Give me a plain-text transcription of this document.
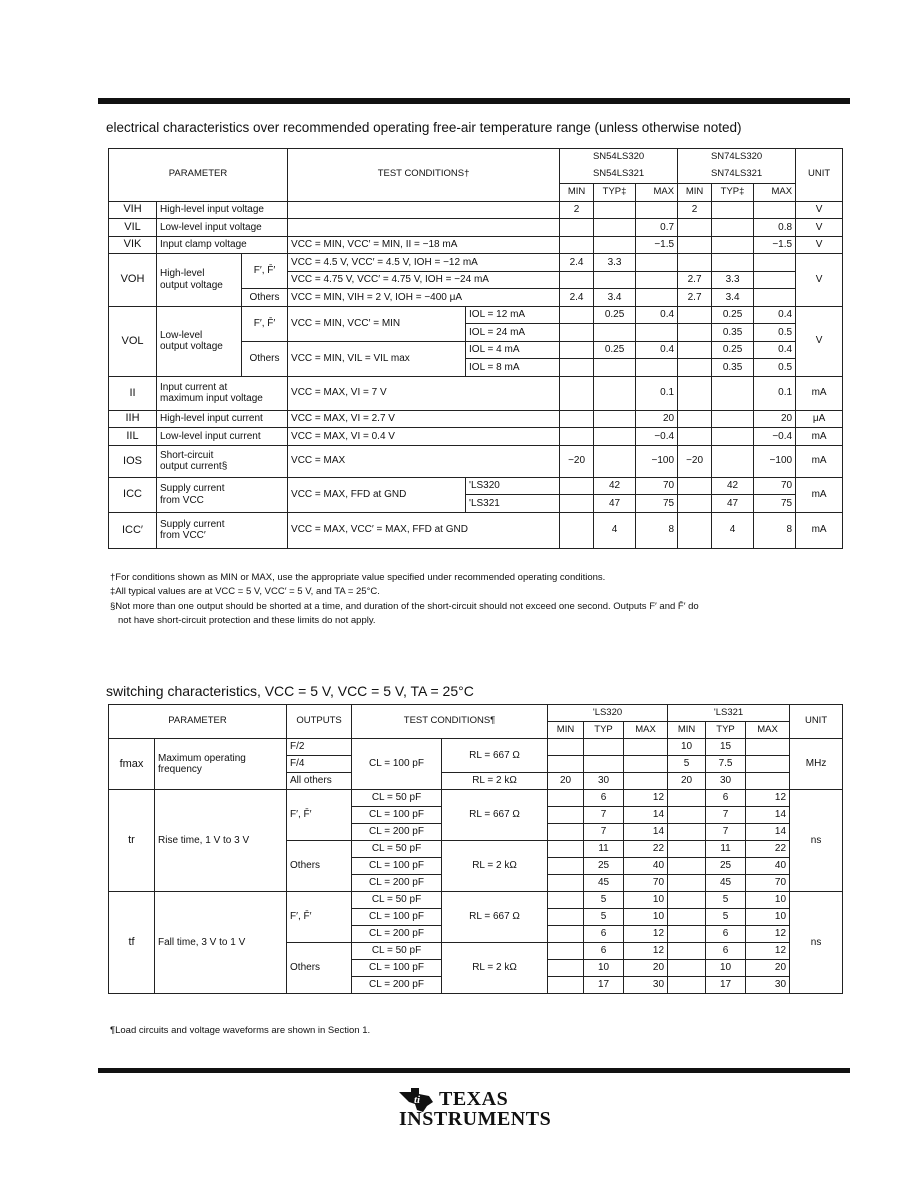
electrical characteristics over recommended operating free-air temperature range (unless otherwise noted)
PARAMETER			TEST CONDITIONS†		SN54LS320			SN74LS320			UNIT
					SN54LS321			SN74LS321			
					MIN	TYP‡	MAX	MIN	TYP‡	MAX	
VIH	High-level input voltage				2			2			V
VIL	Low-level input voltage						0.7			0.8	V
VIK	Input clamp voltage		VCC = MIN, VCC′ = MIN, II = −18 mA				−1.5			−1.5	V
VOH	High-level
output voltage	F′, F̄′	VCC = 4.5 V, VCC′ = 4.5 V, IOH = −12 mA		2.4	3.3					V
			VCC = 4.75 V, VCC′ = 4.75 V, IOH = −24 mA					2.7	3.3		
		Others	VCC = MIN, VIH = 2 V, IOH = −400 μA		2.4	3.4		2.7	3.4		
VOL	Low-level
output voltage	F′, F̄′	VCC = MIN, VCC′ = MIN	IOL = 12 mA		0.25	0.4		0.25	0.4	V
				IOL = 24 mA					0.35	0.5	
		Others	VCC = MIN, VIL = VIL max	IOL = 4 mA		0.25	0.4		0.25	0.4	
				IOL = 8 mA					0.35	0.5	
II	Input current at
maximum input voltage		VCC = MAX, VI = 7 V				0.1			0.1	mA
IIH	High-level input current		VCC = MAX, VI = 2.7 V				20			20	μA
IIL	Low-level input current		VCC = MAX, VI = 0.4 V				−0.4			−0.4	mA
IOS	Short-circuit
output current§		VCC = MAX		−20		−100	−20		−100	mA
ICC	Supply current
from VCC		VCC = MAX, FFD at GND	'LS320		42	70		42	70	mA
				'LS321		47	75		47	75	
ICC′	Supply current
from VCC′		VCC = MAX, VCC′ = MAX, FFD at GND			4	8		4	8	mA
†For conditions shown as MIN or MAX, use the appropriate value specified under recommended operating conditions.
‡All typical values are at VCC = 5 V, VCC′ = 5 V, and TA = 25°C.
§Not more than one output should be shorted at a time, and duration of the short-circuit should not exceed one second. Outputs F′ and F̄′ do
not have short-circuit protection and these limits do not apply.
switching characteristics, VCC = 5 V, VCC = 5 V, TA = 25°C
PARAMETER		OUTPUTS	TEST CONDITIONS¶		'LS320			'LS321			UNIT
					MIN	TYP	MAX	MIN	TYP	MAX	
fmax	Maximum operating
frequency	F/2	CL = 100 pF	RL = 667 Ω				10	15		MHz
		F/4						5	7.5		
		All others		RL = 2 kΩ	20	30		20	30		
tr	Rise time, 1 V to 3 V	F′, F̄′	CL = 50 pF	RL = 667 Ω		6	12		6	12	ns
			CL = 100 pF			7	14		7	14	
			CL = 200 pF			7	14		7	14	
		Others	CL = 50 pF	RL = 2 kΩ		11	22		11	22	
			CL = 100 pF			25	40		25	40	
			CL = 200 pF			45	70		45	70	
tf	Fall time, 3 V to 1 V	F′, F̄′	CL = 50 pF	RL = 667 Ω		5	10		5	10	ns
			CL = 100 pF			5	10		5	10	
			CL = 200 pF			6	12		6	12	
		Others	CL = 50 pF	RL = 2 kΩ		6	12		6	12	
			CL = 100 pF			10	20		10	20	
			CL = 200 pF			17	30		17	30	
¶Load circuits and voltage waveforms are shown in Section 1.
ti TEXAS
INSTRUMENTS
